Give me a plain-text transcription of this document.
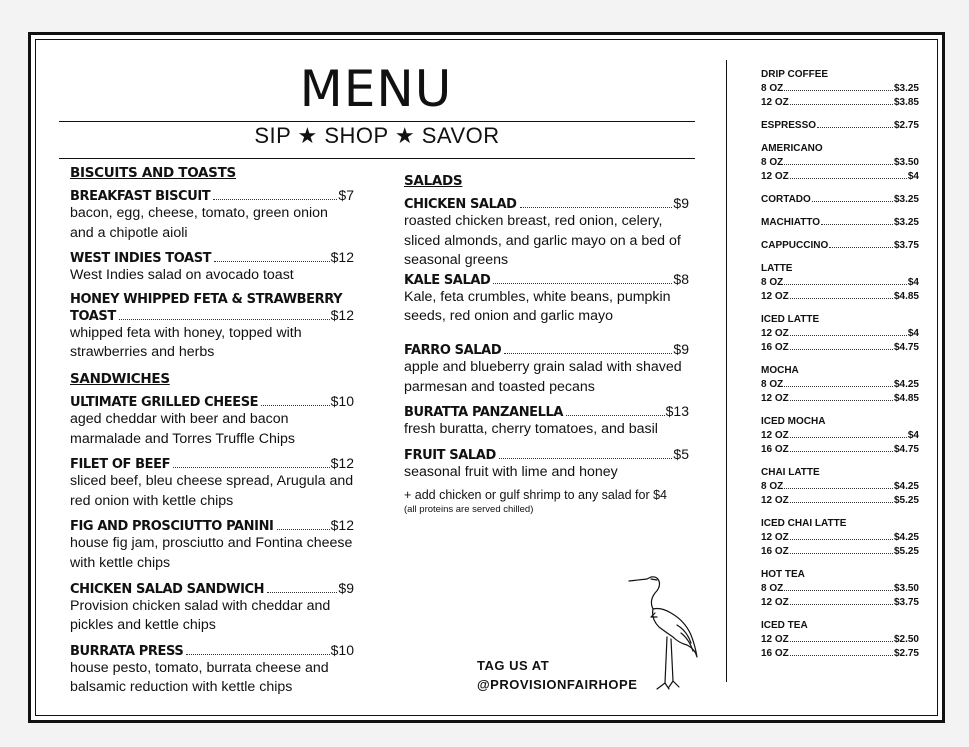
MENU
SIP ★ SHOP ★ SAVOR
BISCUITS AND TOASTS
BREAKFAST BISCUIT	$7
bacon, egg, cheese, tomato, green onion and a chipotle aioli
WEST INDIES TOAST	$12
West Indies salad on avocado toast
HONEY WHIPPED FETA & STRAWBERRY
TOAST	$12
whipped feta with honey, topped with strawberries and herbs
SANDWICHES
ULTIMATE GRILLED CHEESE	$10
aged cheddar with beer and bacon marmalade and Torres Truffle Chips
FILET OF BEEF	$12
sliced beef, bleu cheese spread, Arugula and red onion with kettle chips
FIG AND PROSCIUTTO PANINI	$12
house fig jam, prosciutto and Fontina cheese with kettle chips
CHICKEN SALAD SANDWICH	$9
Provision chicken salad with cheddar and pickles and kettle chips
BURRATA PRESS	$10
house pesto, tomato, burrata cheese and balsamic reduction with kettle chips
SALADS
CHICKEN SALAD	$9
roasted chicken breast, red onion, celery, sliced almonds, and garlic mayo on a bed of seasonal greens
KALE SALAD	$8
Kale, feta crumbles, white beans, pumpkin seeds, red onion and garlic mayo
FARRO SALAD	$9
apple and blueberry grain salad with shaved parmesan and toasted pecans
BURATTA PANZANELLA	$13
fresh buratta, cherry tomatoes, and basil
FRUIT SALAD	$5
seasonal fruit with lime and honey
+ add chicken or gulf shrimp to any salad for $4
(all proteins are served chilled)
TAG US AT
@PROVISIONFAIRHOPE
DRIP COFFEE
8 OZ	$3.25
12 OZ	$3.85
ESPRESSO	$2.75
AMERICANO
8 OZ	$3.50
12 OZ	$4
CORTADO	$3.25
MACHIATTO	$3.25
CAPPUCCINO	$3.75
LATTE
8 OZ	$4
12 OZ	$4.85
ICED LATTE
12 OZ	$4
16 OZ	$4.75
MOCHA
8 OZ	$4.25
12 OZ	$4.85
ICED MOCHA
12 OZ	$4
16 OZ	$4.75
CHAI LATTE
8 OZ	$4.25
12 OZ	$5.25
ICED CHAI LATTE
12 OZ	$4.25
16 OZ	$5.25
HOT TEA
8 OZ	$3.50
12 OZ	$3.75
ICED TEA
12 OZ	$2.50
16 OZ	$2.75
